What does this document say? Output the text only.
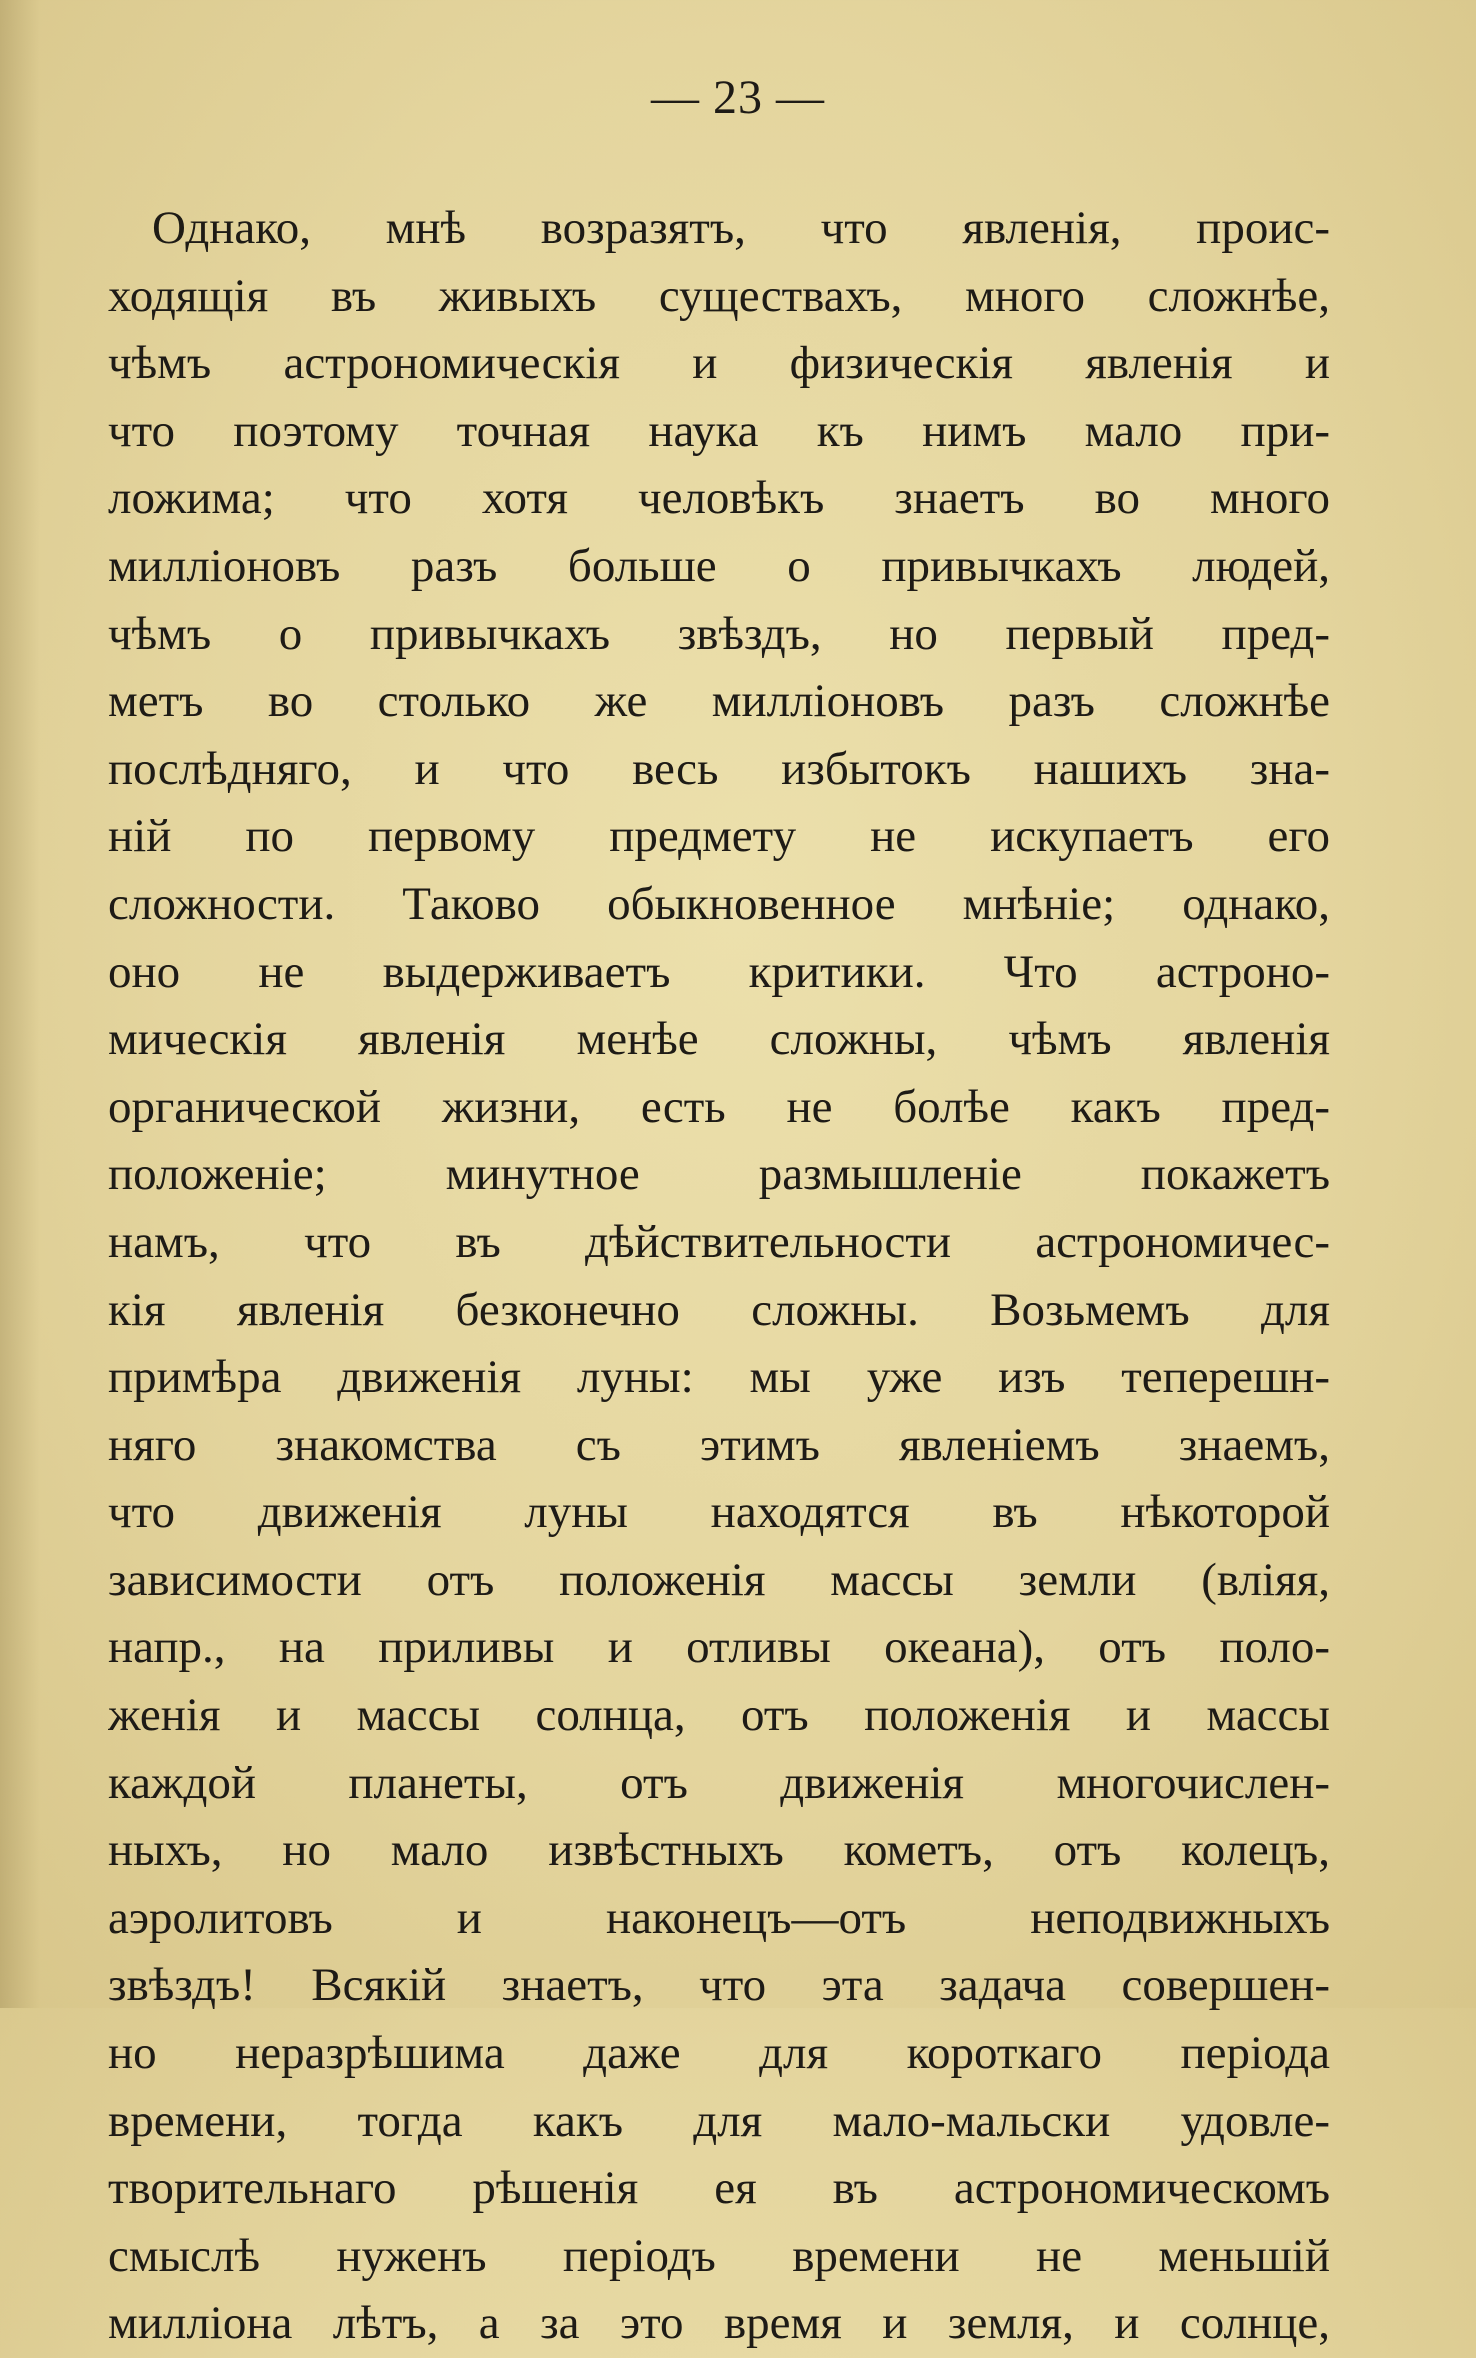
— 23 —
Однако, мнѣ возразятъ, что явленія, проис-
ходящія въ живыхъ существахъ, много сложнѣе,
чѣмъ астрономическія и физическія явленія и
что поэтому точная наука къ нимъ мало при-
ложима; что хотя человѣкъ знаетъ во много
милліоновъ разъ больше о привычкахъ людей,
чѣмъ о привычкахъ звѣздъ, но первый пред-
метъ во столько же милліоновъ разъ сложнѣе
послѣдняго, и что весь избытокъ нашихъ зна-
ній по первому предмету не искупаетъ его
сложности. Таково обыкновенное мнѣніе; однако,
оно не выдерживаетъ критики. Что астроно-
мическія явленія менѣе сложны, чѣмъ явленія
органической жизни, есть не болѣе какъ пред-
положеніе; минутное размышленіе покажетъ
намъ, что въ дѣйствительности астрономичес-
кія явленія безконечно сложны. Возьмемъ для
примѣра движенія луны: мы уже изъ теперешн-
няго знакомства съ этимъ явленіемъ знаемъ,
что движенія луны находятся въ нѣкоторой
зависимости отъ положенія массы земли (вліяя,
напр., на приливы и отливы океана), отъ поло-
женія и массы солнца, отъ положенія и массы
каждой планеты, отъ движенія многочислен-
ныхъ, но мало извѣстныхъ кометъ, отъ колецъ,
аэролитовъ и наконецъ—отъ неподвижныхъ
звѣздъ! Всякій знаетъ, что эта задача совершен-
но неразрѣшима даже для короткаго періода
времени, тогда какъ для мало-мальски удовле-
творительнаго рѣшенія ея въ астрономическомъ
смыслѣ нуженъ періодъ времени не меньшій
милліона лѣтъ, а за это время и земля, и солнце,
